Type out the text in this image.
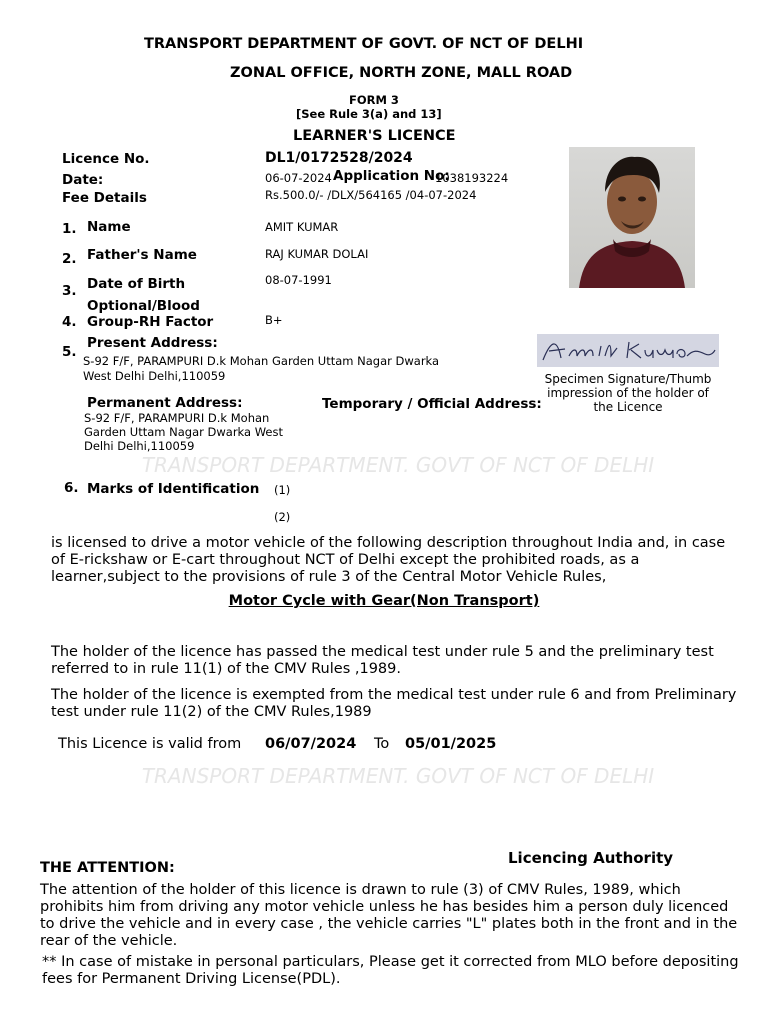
TRANSPORT DEPARTMENT OF GOVT. OF NCT OF DELHI
ZONAL OFFICE, NORTH ZONE, MALL ROAD
FORM 3
[See Rule 3(a) and 13]
LEARNER'S LICENCE
Licence No.	DL1/0172528/2024
Date:	06-07-2024 Application No:
1038193224
Fee Details	Rs.500.0/- /DLX/564165 /04-07-2024
1. Name	AMIT KUMAR
2. Father's Name	RAJ KUMAR DOLAI
3. Date of Birth	08-07-1991
Optional/Blood
4. Group-RH Factor	B+
Present Address:
5.
S-92 F/F, PARAMPURI D.k Mohan Garden Uttam Nagar Dwarka
West Delhi Delhi,110059	Specimen Signature/Thumb
impression of the holder of
the Licence
Permanent Address:
S-92 F/F, PARAMPURI D.k Mohan
Garden Uttam Nagar Dwarka West
Delhi Delhi,110059
Temporary / Official Address:
TRANSPORT DEPARTMENT. GOVT OF NCT OF DELHI
6. Marks of Identification (1)
(2)
is licensed to drive a motor vehicle of the following description throughout India and, in case of E-rickshaw or E-cart throughout NCT of Delhi except the prohibited roads, as a learner,subject to the provisions of rule 3 of the Central Motor Vehicle Rules,
Motor Cycle with Gear(Non Transport)
The holder of the licence has passed the medical test under rule 5 and the preliminary test referred to in rule 11(1) of the CMV Rules ,1989.
The holder of the licence is exempted from the medical test under rule 6 and from Preliminary test under rule 11(2) of the CMV Rules,1989
This Licence is valid from 06/07/2024 To 05/01/2025
TRANSPORT DEPARTMENT. GOVT OF NCT OF DELHI
Licencing Authority
THE ATTENTION:
The attention of the holder of this licence is drawn to rule (3) of CMV Rules, 1989, which prohibits him from driving any motor vehicle unless he has besides him a person duly licenced to drive the vehicle and in every case , the vehicle carries "L" plates both in the front and in the rear of the vehicle.
** In case of mistake in personal particulars, Please get it corrected from MLO before depositing fees for Permanent Driving License(PDL).
